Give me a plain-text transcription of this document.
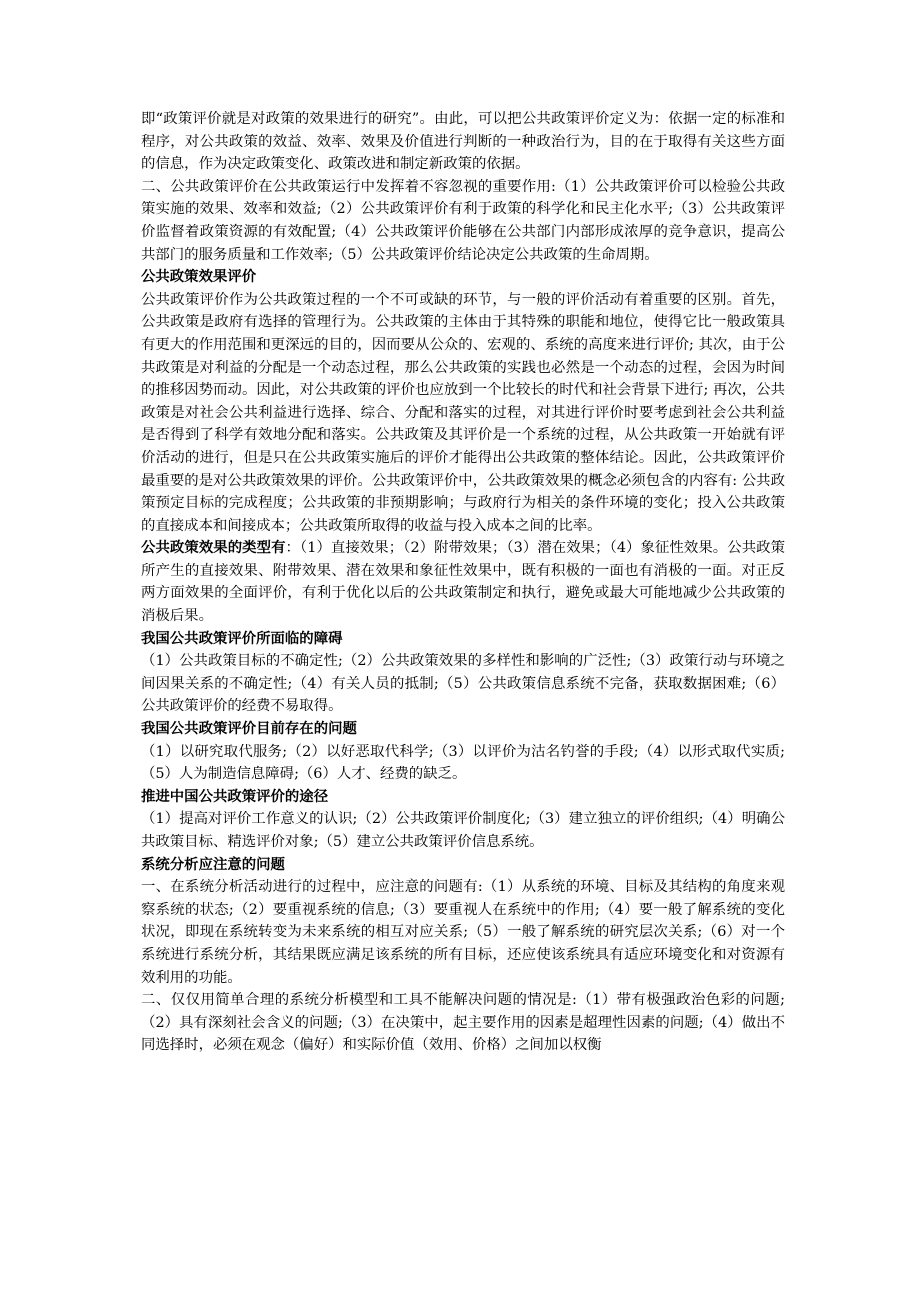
即“政策评价就是对政策的效果进行的研究”。由此，可以把公共政策评价定义为：依据一定的标准和程序，对公共政策的效益、效率、效果及价值进行判断的一种政治行为，目的在于取得有关这些方面的信息，作为决定政策变化、政策改进和制定新政策的依据。

二、公共政策评价在公共政策运行中发挥着不容忽视的重要作用:（1）公共政策评价可以检验公共政策实施的效果、效率和效益;（2）公共政策评价有利于政策的科学化和民主化水平;（3）公共政策评价监督着政策资源的有效配置;（4）公共政策评价能够在公共部门内部形成浓厚的竞争意识，提高公共部门的服务质量和工作效率;（5）公共政策评价结论决定公共政策的生命周期。

公共政策效果评价

公共政策评价作为公共政策过程的一个不可或缺的环节，与一般的评价活动有着重要的区别。首先，公共政策是政府有选择的管理行为。公共政策的主体由于其特殊的职能和地位，使得它比一般政策具有更大的作用范围和更深远的目的，因而要从公众的、宏观的、系统的高度来进行评价; 其次，由于公共政策是对利益的分配是一个动态过程，那么公共政策的实践也必然是一个动态的过程，会因为时间的推移因势而动。因此，对公共政策的评价也应放到一个比较长的时代和社会背景下进行; 再次，公共政策是对社会公共利益进行选择、综合、分配和落实的过程，对其进行评价时要考虑到社会公共利益是否得到了科学有效地分配和落实。公共政策及其评价是一个系统的过程，从公共政策一开始就有评价活动的进行，但是只在公共政策实施后的评价才能得出公共政策的整体结论。因此，公共政策评价最重要的是对公共政策效果的评价。公共政策评价中，公共政策效果的概念必须包含的内容有: 公共政策预定目标的完成程度；公共政策的非预期影响；与政府行为相关的条件环境的变化；投入公共政策的直接成本和间接成本；公共政策所取得的收益与投入成本之间的比率。

公共政策效果的类型有：（1）直接效果；（2）附带效果；（3）潜在效果；（4）象征性效果。公共政策所产生的直接效果、附带效果、潜在效果和象征性效果中，既有积极的一面也有消极的一面。对正反两方面效果的全面评价，有利于优化以后的公共政策制定和执行，避免或最大可能地减少公共政策的消极后果。

我国公共政策评价所面临的障碍

（1）公共政策目标的不确定性;（2）公共政策效果的多样性和影响的广泛性;（3）政策行动与环境之间因果关系的不确定性;（4）有关人员的抵制;（5）公共政策信息系统不完备，获取数据困难;（6）公共政策评价的经费不易取得。

我国公共政策评价目前存在的问题

（1）以研究取代服务;（2）以好恶取代科学;（3）以评价为沽名钓誉的手段;（4）以形式取代实质;（5）人为制造信息障碍;（6）人才、经费的缺乏。

推进中国公共政策评价的途径

（1）提高对评价工作意义的认识;（2）公共政策评价制度化;（3）建立独立的评价组织;（4）明确公共政策目标、精选评价对象;（5）建立公共政策评价信息系统。

系统分析应注意的问题

一、在系统分析活动进行的过程中，应注意的问题有:（1）从系统的环境、目标及其结构的角度来观察系统的状态;（2）要重视系统的信息;（3）要重视人在系统中的作用;（4）要一般了解系统的变化状况，即现在系统转变为未来系统的相互对应关系;（5）一般了解系统的研究层次关系;（6）对一个系统进行系统分析，其结果既应满足该系统的所有目标，还应使该系统具有适应环境变化和对资源有效利用的功能。

二、仅仅用简单合理的系统分析模型和工具不能解决问题的情况是:（1）带有极强政治色彩的问题;（2）具有深刻社会含义的问题;（3）在决策中，起主要作用的因素是超理性因素的问题;（4）做出不同选择时，必须在观念（偏好）和实际价值（效用、价格）之间加以权衡
